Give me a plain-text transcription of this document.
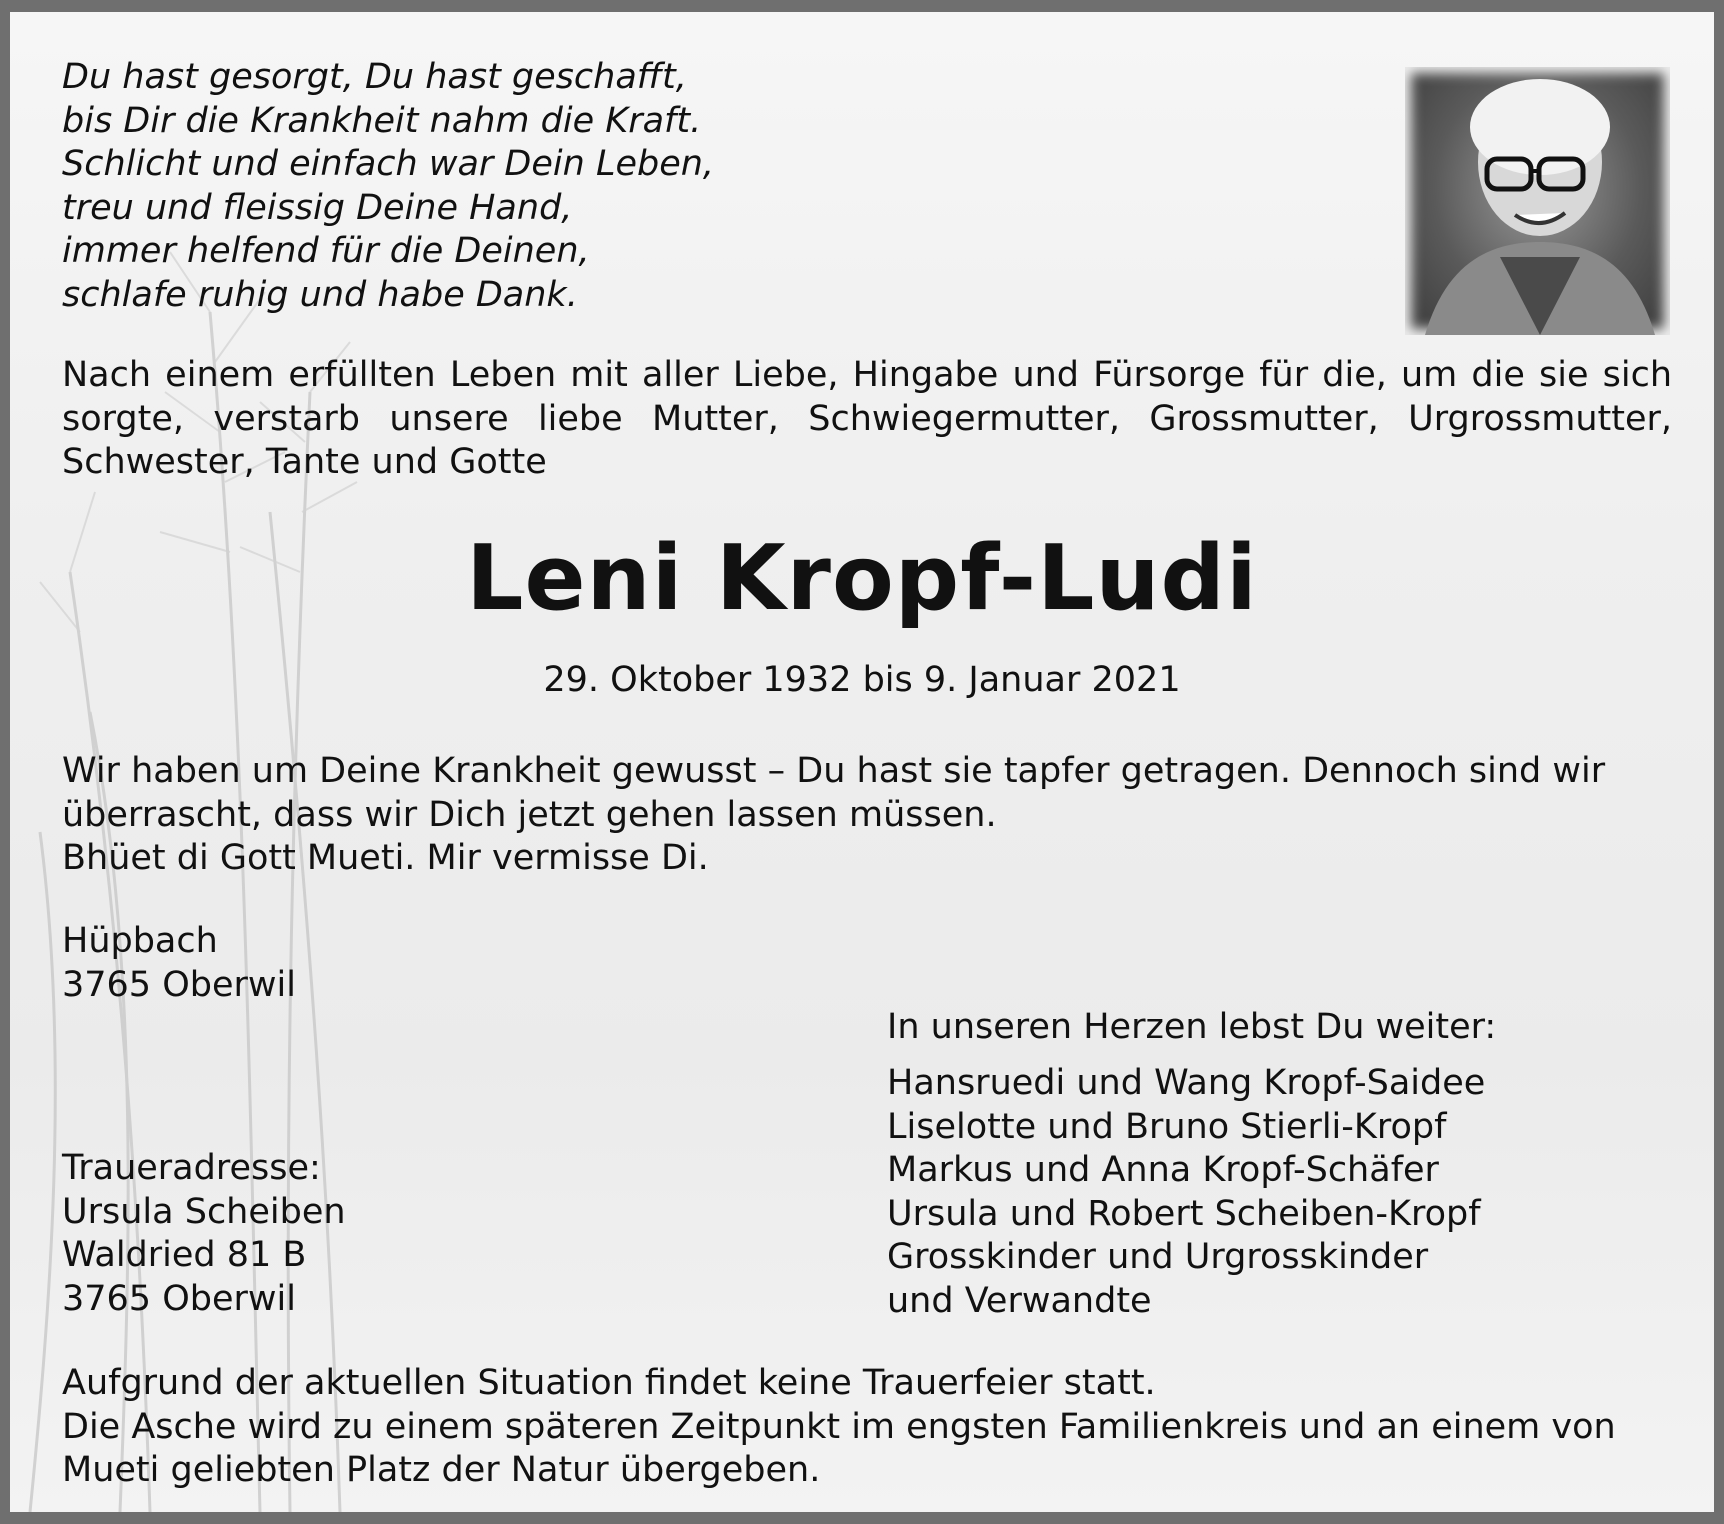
Du hast gesorgt, Du hast geschafft,
bis Dir die Krankheit nahm die Kraft.
Schlicht und einfach war Dein Leben,
treu und fleissig Deine Hand,
immer helfend für die Deinen,
schlafe ruhig und habe Dank.
Nach einem erfüllten Leben mit aller Liebe, Hingabe und Fürsorge für die, um die sie sich sorgte, verstarb unsere liebe Mutter, Schwiegermutter, Grossmutter, Urgrossmutter, Schwester, Tante und Gotte
Leni Kropf-Ludi
29. Oktober 1932 bis 9. Januar 2021
Wir haben um Deine Krankheit gewusst – Du hast sie tapfer getragen. Dennoch sind wir
überrascht, dass wir Dich jetzt gehen lassen müssen.
Bhüet di Gott Mueti. Mir vermisse Di.
Hüpbach
3765 Oberwil
In unseren Herzen lebst Du weiter:
Hansruedi und Wang Kropf-Saidee
Liselotte und Bruno Stierli-Kropf
Markus und Anna Kropf-Schäfer
Ursula und Robert Scheiben-Kropf
Grosskinder und Urgrosskinder
und Verwandte
Traueradresse:
Ursula Scheiben
Waldried 81 B
3765 Oberwil
Aufgrund der aktuellen Situation findet keine Trauerfeier statt.
Die Asche wird zu einem späteren Zeitpunkt im engsten Familienkreis und an einem von
Mueti geliebten Platz der Natur übergeben.
